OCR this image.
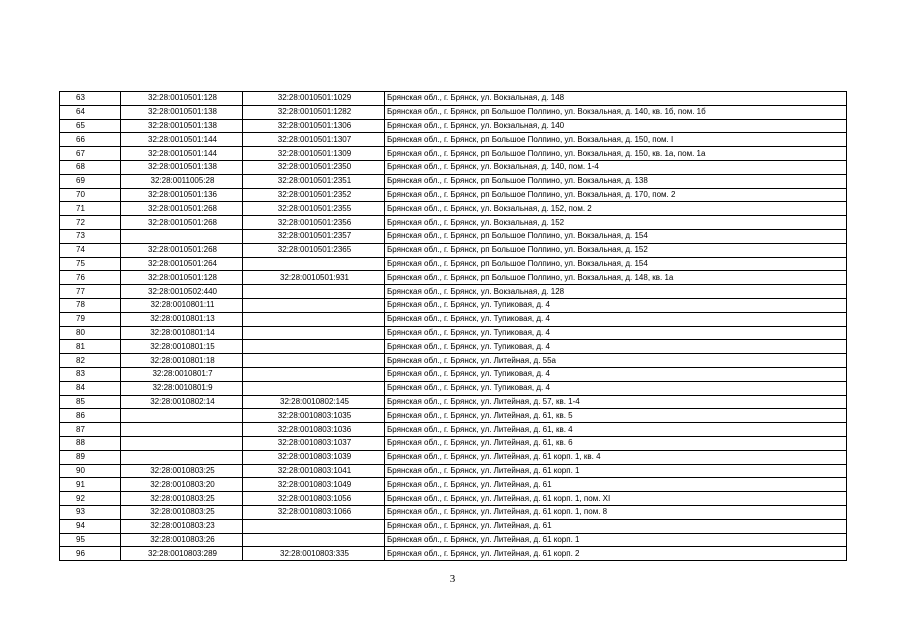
63	32:28:0010501:128	32:28:0010501:1029	Брянская обл., г. Брянск, ул. Вокзальная, д. 148
64	32:28:0010501:138	32:28:0010501:1282	Брянская обл., г. Брянск, рп Большое Полпино, ул. Вокзальная, д. 140, кв. 1б, пом. 1б
65	32:28:0010501:138	32:28:0010501:1306	Брянская обл., г. Брянск, ул. Вокзальная, д. 140
66	32:28:0010501:144	32:28:0010501:1307	Брянская обл., г. Брянск, рп Большое Полпино, ул. Вокзальная, д. 150, пом. I
67	32:28:0010501:144	32:28:0010501:1309	Брянская обл., г. Брянск, рп Большое Полпино, ул. Вокзальная, д. 150, кв. 1а, пом. 1а
68	32:28:0010501:138	32:28:0010501:2350	Брянская обл., г. Брянск, ул. Вокзальная, д. 140, пом. 1-4
69	32:28:0011005:28	32:28:0010501:2351	Брянская обл., г. Брянск, рп Большое Полпино, ул. Вокзальная, д. 138
70	32:28:0010501:136	32:28:0010501:2352	Брянская обл., г. Брянск, рп Большое Полпино, ул. Вокзальная, д. 170, пом. 2
71	32:28:0010501:268	32:28:0010501:2355	Брянская обл., г. Брянск, ул. Вокзальная, д. 152, пом. 2
72	32:28:0010501:268	32:28:0010501:2356	Брянская обл., г. Брянск, ул. Вокзальная, д. 152
73		32:28:0010501:2357	Брянская обл., г. Брянск, рп Большое Полпино, ул. Вокзальная, д. 154
74	32:28:0010501:268	32:28:0010501:2365	Брянская обл., г. Брянск, рп Большое Полпино, ул. Вокзальная, д. 152
75	32:28:0010501:264		Брянская обл., г. Брянск, рп Большое Полпино, ул. Вокзальная, д. 154
76	32:28:0010501:128	32:28:0010501:931	Брянская обл., г. Брянск, рп Большое Полпино, ул. Вокзальная, д. 148, кв. 1а
77	32:28:0010502:440		Брянская обл., г. Брянск, ул. Вокзальная, д. 128
78	32:28:0010801:11		Брянская обл., г. Брянск, ул. Тупиковая, д. 4
79	32:28:0010801:13		Брянская обл., г. Брянск, ул. Тупиковая, д. 4
80	32:28:0010801:14		Брянская обл., г. Брянск, ул. Тупиковая, д. 4
81	32:28:0010801:15		Брянская обл., г. Брянск, ул. Тупиковая, д. 4
82	32:28:0010801:18		Брянская обл., г. Брянск, ул. Литейная, д. 55а
83	32:28:0010801:7		Брянская обл., г. Брянск, ул. Тупиковая, д. 4
84	32:28:0010801:9		Брянская обл., г. Брянск, ул. Тупиковая, д. 4
85	32:28:0010802:14	32:28:0010802:145	Брянская обл., г. Брянск, ул. Литейная, д. 57, кв. 1-4
86		32:28:0010803:1035	Брянская обл., г. Брянск, ул. Литейная, д. 61, кв. 5
87		32:28:0010803:1036	Брянская обл., г. Брянск, ул. Литейная, д. 61, кв. 4
88		32:28:0010803:1037	Брянская обл., г. Брянск, ул. Литейная, д. 61, кв. 6
89		32:28:0010803:1039	Брянская обл., г. Брянск, ул. Литейная, д. 61 корп. 1, кв. 4
90	32:28:0010803:25	32:28:0010803:1041	Брянская обл., г. Брянск, ул. Литейная, д. 61 корп. 1
91	32:28:0010803:20	32:28:0010803:1049	Брянская обл., г. Брянск, ул. Литейная, д. 61
92	32:28:0010803:25	32:28:0010803:1056	Брянская обл., г. Брянск, ул. Литейная, д. 61 корп. 1, пом. XI
93	32:28:0010803:25	32:28:0010803:1066	Брянская обл., г. Брянск, ул. Литейная, д. 61 корп. 1, пом. 8
94	32:28:0010803:23		Брянская обл., г. Брянск, ул. Литейная, д. 61
95	32:28:0010803:26		Брянская обл., г. Брянск, ул. Литейная, д. 61 корп. 1
96	32:28:0010803:289	32:28:0010803:335	Брянская обл., г. Брянск, ул. Литейная, д. 61 корп. 2
3
